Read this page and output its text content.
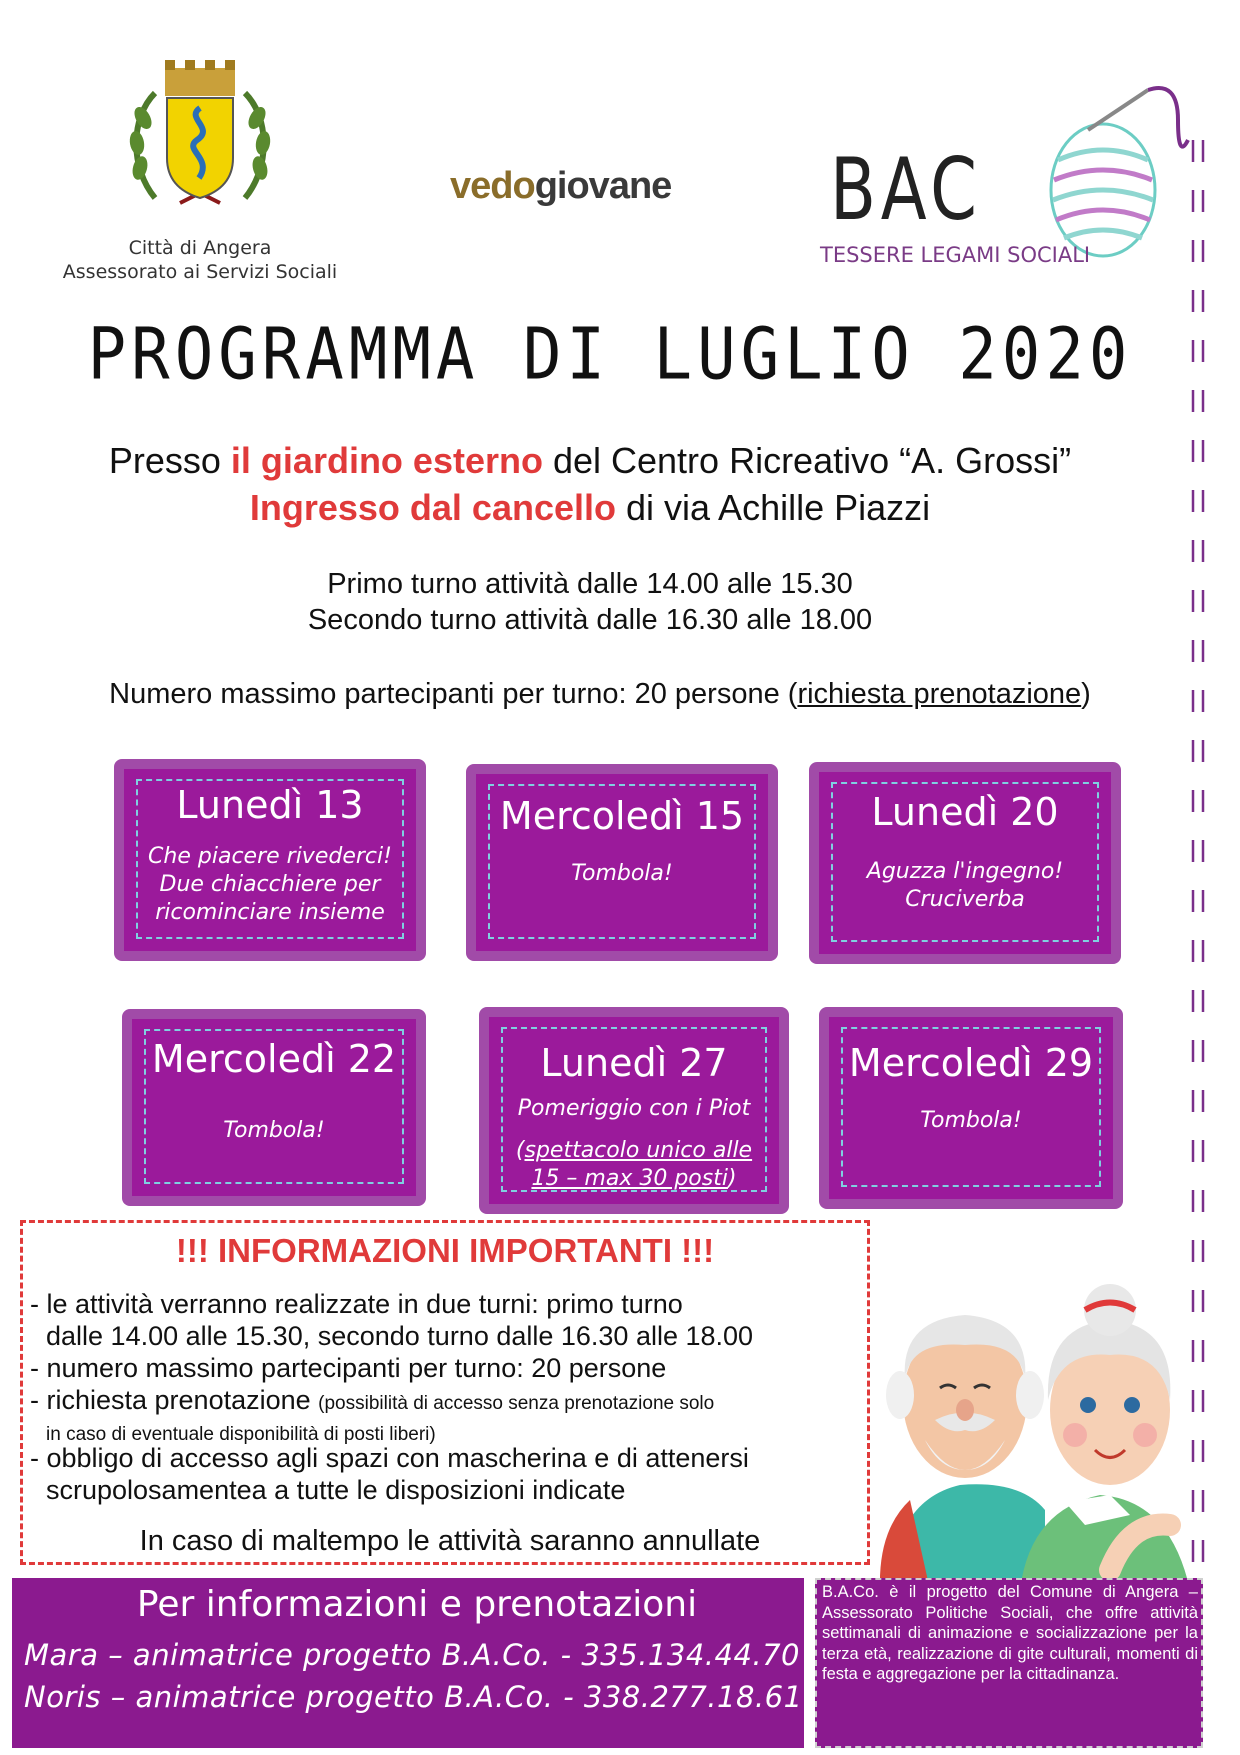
Città di Angera
Assessorato ai Servizi Sociali
vedogiovane BAC
TESSERE LEGAMI SOCIALI
PROGRAMMA DI LUGLIO 2020
Presso il giardino esterno del Centro Ricreativo “A. Grossi”
Ingresso dal cancello di via Achille Piazzi
Primo turno attività dalle 14.00 alle 15.30
Secondo turno attività dalle 16.30 alle 18.00
Numero massimo partecipanti per turno: 20 persone (richiesta prenotazione)
Lunedì 13
Che piacere rivederci!
Due chiacchiere per
ricominciare insieme
Mercoledì 15
Tombola!
Lunedì 20
Aguzza l'ingegno!
Cruciverba
Mercoledì 22
Tombola!
Lunedì 27
Pomeriggio con i Piot
(spettacolo unico alle
15 – max 30 posti)
Mercoledì 29
Tombola!
!!! INFORMAZIONI IMPORTANTI !!!
- le attività verranno realizzate in due turni: primo turno
dalle 14.00 alle 15.30, secondo turno dalle 16.30 alle 18.00
- numero massimo partecipanti per turno: 20 persone
- richiesta prenotazione (possibilità di accesso senza prenotazione solo
in caso di eventuale disponibilità di posti liberi)
- obbligo di accesso agli spazi con mascherina e di attenersi
scrupolosamentea a tutte le disposizioni indicate
In caso di maltempo le attività saranno annullate
Per informazioni e prenotazioni
Mara – animatrice progetto B.A.Co. - 335.134.44.70
Noris – animatrice progetto B.A.Co. - 338.277.18.61
B.A.Co. è il progetto del Comune di Angera – Assessorato Politiche Sociali, che offre attività settimanali di animazione e socializzazione per la terza età, realizzazione di gite culturali, momenti di festa e aggregazione per la cittadinanza.
